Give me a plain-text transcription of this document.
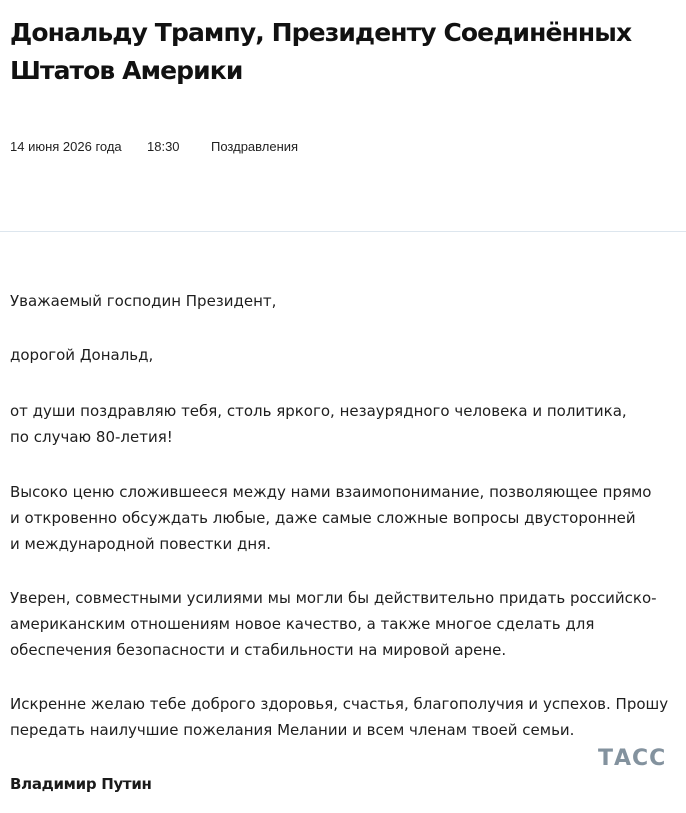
Дональду Трампу, Президенту Соединённых Штатов Америки
14 июня 2026 года 18:30 Поздравления
Уважаемый господин Президент,
дорогой Дональд,
от души поздравляю тебя, столь яркого, незаурядного человека и политика,
по случаю 80-летия!
Высоко ценю сложившееся между нами взаимопонимание, позволяющее прямо
и откровенно обсуждать любые, даже самые сложные вопросы двусторонней
и международной повестки дня.
Уверен, совместными усилиями мы могли бы действительно придать российско-
американским отношениям новое качество, а также многое сделать для
обеспечения безопасности и стабильности на мировой арене.
Искренне желаю тебе доброго здоровья, счастья, благополучия и успехов. Прошу
передать наилучшие пожелания Мелании и всем членам твоей семьи.
Владимир Путин
ТАСС
